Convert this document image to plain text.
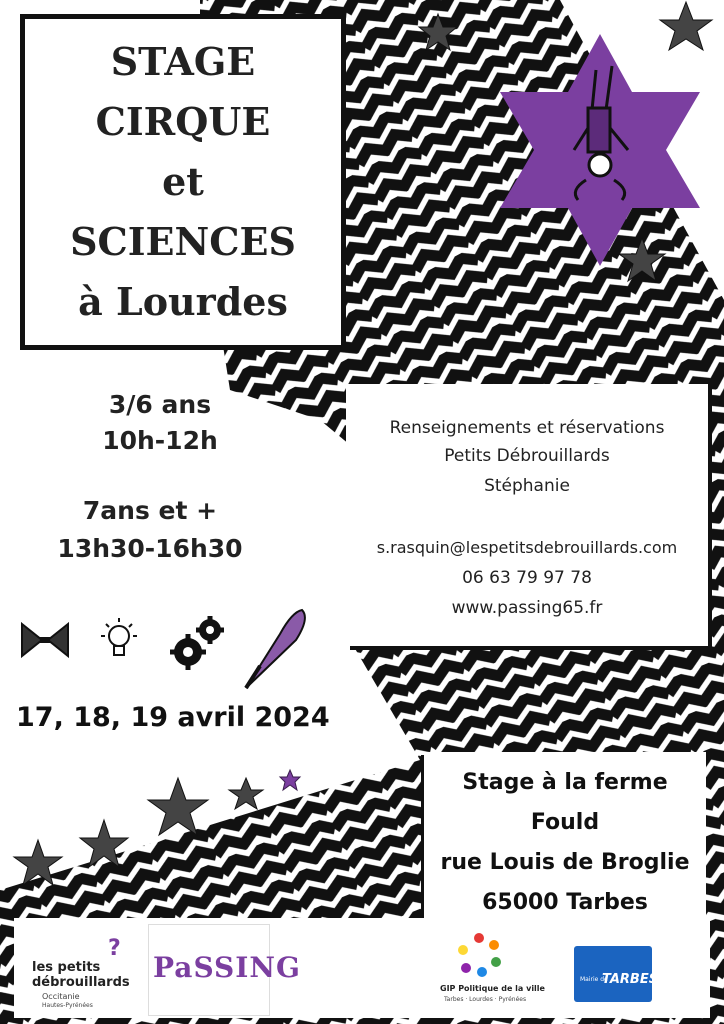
STAGE
CIRQUE
et
SCIENCES
à Lourdes
3/6 ans
10h-12h
7ans et +
13h30-16h30
Renseignements et réservations
Petits Débrouillards
Stéphanie
s.rasquin@lespetitsdebrouillards.com
06 63 79 97 78
www.passing65.fr
17, 18, 19 avril 2024
Stage à la ferme
Fould
rue Louis de Broglie
65000 Tarbes
?
les petits
débrouillards
Occitanie
Hautes-Pyrénées
PaSSING
GIP Politique de la ville
Tarbes · Lourdes · Pyrénées
Mairie de
TARBES
